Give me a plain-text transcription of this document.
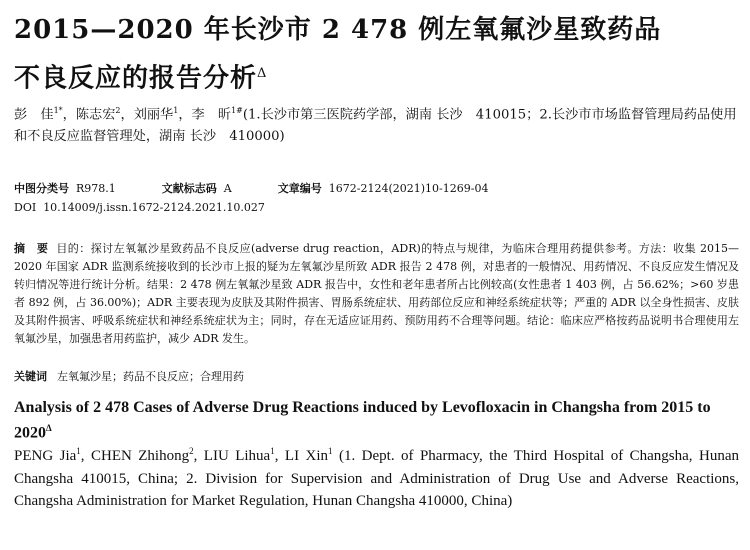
2015—2020 年长沙市 2 478 例左氧氟沙星致药品
不良反应的报告分析$^\Delta$
彭　佳$^{1*}$，陈志宏$^2$，刘丽华$^1$，李　昕$^{1\#}$(1.长沙市第三医院药学部，湖南 长沙　410015；2.长沙市市场监督管理局药品使用和不良反应监督管理处，湖南 长沙　410000)
中图分类号 R978.1	文献标志码 A	文章编号 1672-2124(2021)10-1269-04
DOI 10.14009/j.issn.1672-2124.2021.10.027
摘　要 目的：探讨左氧氟沙星致药品不良反应(adverse drug reaction，ADR)的特点与规律，为临床合理用药提供参考。方法：收集 2015—2020 年国家 ADR 监测系统接收到的长沙市上报的疑为左氧氟沙星所致 ADR 报告 2 478 例，对患者的一般情况、用药情况、不良反应发生情况及转归情况等进行统计分析。结果：2 478 例左氧氟沙星致 ADR 报告中，女性和老年患者所占比例较高(女性患者 1 403 例，占 56.62%；>60 岁患者 892 例，占 36.00%)；ADR 主要表现为皮肤及其附件损害、胃肠系统症状、用药部位反应和神经系统症状等；严重的 ADR 以全身性损害、皮肤及其附件损害、呼吸系统症状和神经系统症状为主；同时，存在无适应证用药、预防用药不合理等问题。结论：临床应严格按药品说明书合理使用左氧氟沙星，加强患者用药监护，减少 ADR 发生。
关键词 左氧氟沙星；药品不良反应；合理用药
Analysis of 2 478 Cases of Adverse Drug Reactions induced by Levofloxacin in Changsha from 2015 to $2020^\Delta$
PENG Jia$^1$, CHEN Zhihong$^2$, LIU Lihua$^1$, LI Xin$^1$ (1. Dept. of Pharmacy, the Third Hospital of Changsha, Hunan Changsha 410015, China; 2. Division for Supervision and Administration of Drug Use and Adverse Reactions, Changsha Administration for Market Regulation, Hunan Changsha 410000, China)
